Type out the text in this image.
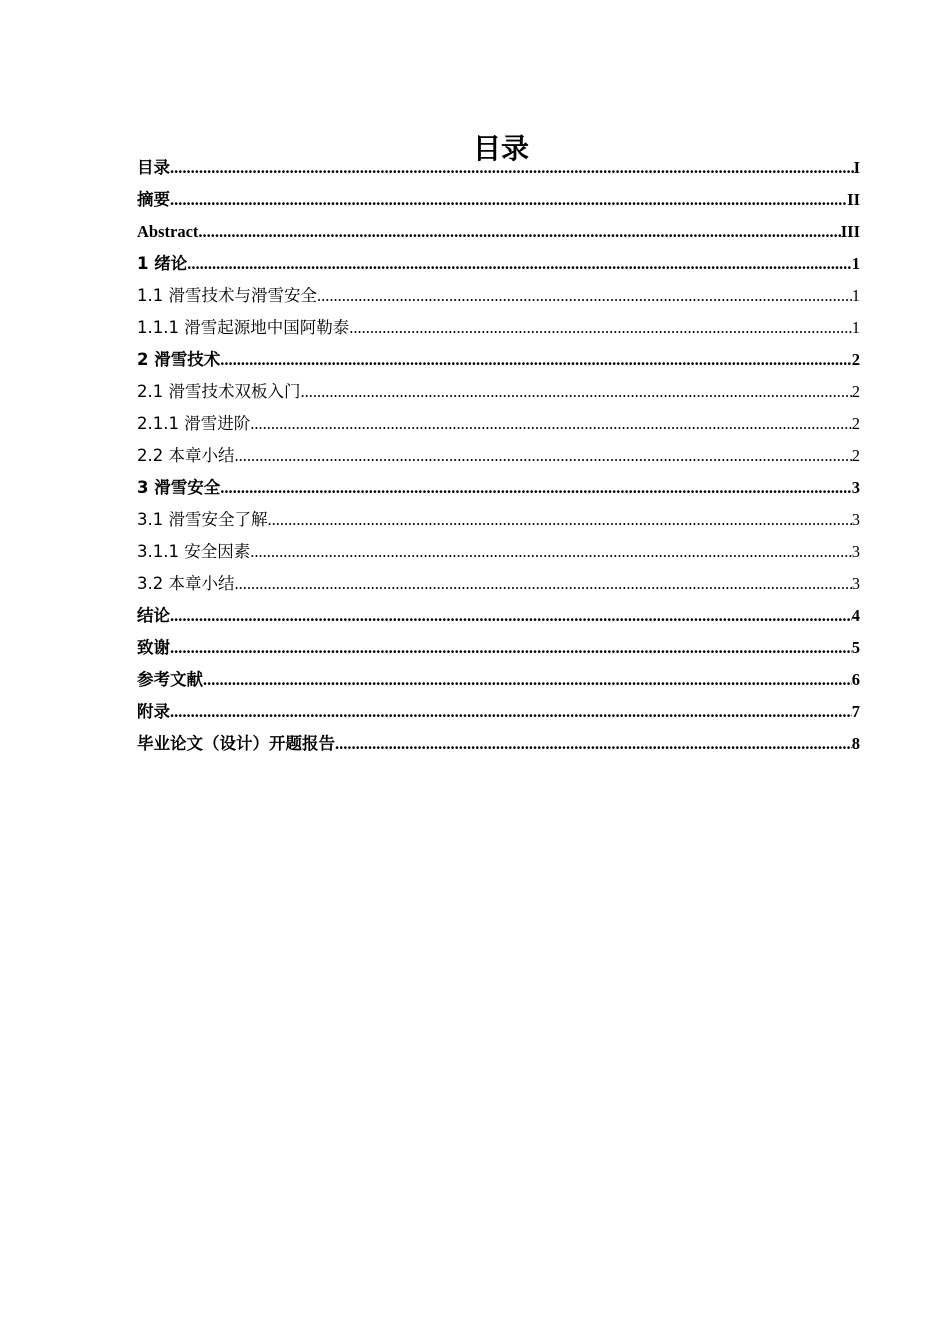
目录
目录 .....	I
摘要 .....	II
Abstract .....	III
1 绪论 .....	1
1.1 滑雪技术与滑雪安全 .....	1
1.1.1 滑雪起源地中国阿勒泰 .....	1
2 滑雪技术 .....	2
2.1 滑雪技术双板入门 .....	2
2.1.1 滑雪进阶 .....	2
2.2 本章小结 .....	2
3 滑雪安全 .....	3
3.1 滑雪安全了解 .....	3
3.1.1 安全因素 .....	3
3.2 本章小结 .....	3
结论 .....	4
致谢 .....	5
参考文献 .....	6
附录 .....	7
毕业论文（设计）开题报告 .....	8
